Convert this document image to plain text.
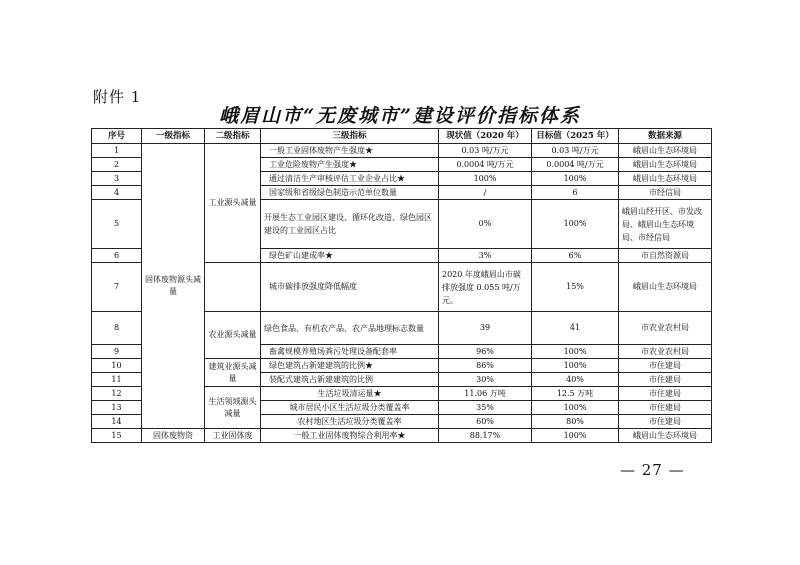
附件 1
峨眉山市“无废城市”建设评价指标体系
序号	一级指标	二级指标	三级指标	现状值（2020 年）	目标值（2025 年）	数据来源
1	固体废物源头减量	工业源头减量	一般工业固体废物产生强度★	0.03 吨/万元	0.03 吨/万元	峨眉山生态环境局
2			工业危险废物产生强度★	0.0004 吨/万元	0.0004 吨/万元	峨眉山生态环境局
3			通过清洁生产审核评估工业企业占比★	100%	100%	峨眉山生态环境局
4			国家级和省级绿色制造示范单位数量	/	6	市经信局
5			开展生态工业园区建设、循环化改造、绿色园区建设的工业园区占比	0%	100%	峨眉山经开区、市发改局、峨眉山生态环境局、市经信局
6			绿色矿山建成率★	3%	6%	市自然资源局
7			城市碳排放强度降低幅度	2020 年度峨眉山市碳排放强度 0.055 吨/万元。	15%	峨眉山生态环境局
8		农业源头减量	绿色食品、有机农产品、农产品地理标志数量	39	41	市农业农村局
9			畜禽规模养殖场粪污处理设备配套率	96%	100%	市农业农村局
10		建筑业源头减量	绿色建筑占新建建筑的比例★	86%	100%	市住建局
11			装配式建筑占新建建筑的比例	30%	40%	市住建局
12		生活领域源头减量	生活垃圾清运量★	11.06 万吨	12.5 万吨	市住建局
13			城市居民小区生活垃圾分类覆盖率	35%	100%	市住建局
14			农村地区生活垃圾分类覆盖率	60%	80%	市住建局
15	固体废物资	工业固体废	一般工业固体废物综合利用率★	88.17%	100%	峨眉山生态环境局
— 27 —
